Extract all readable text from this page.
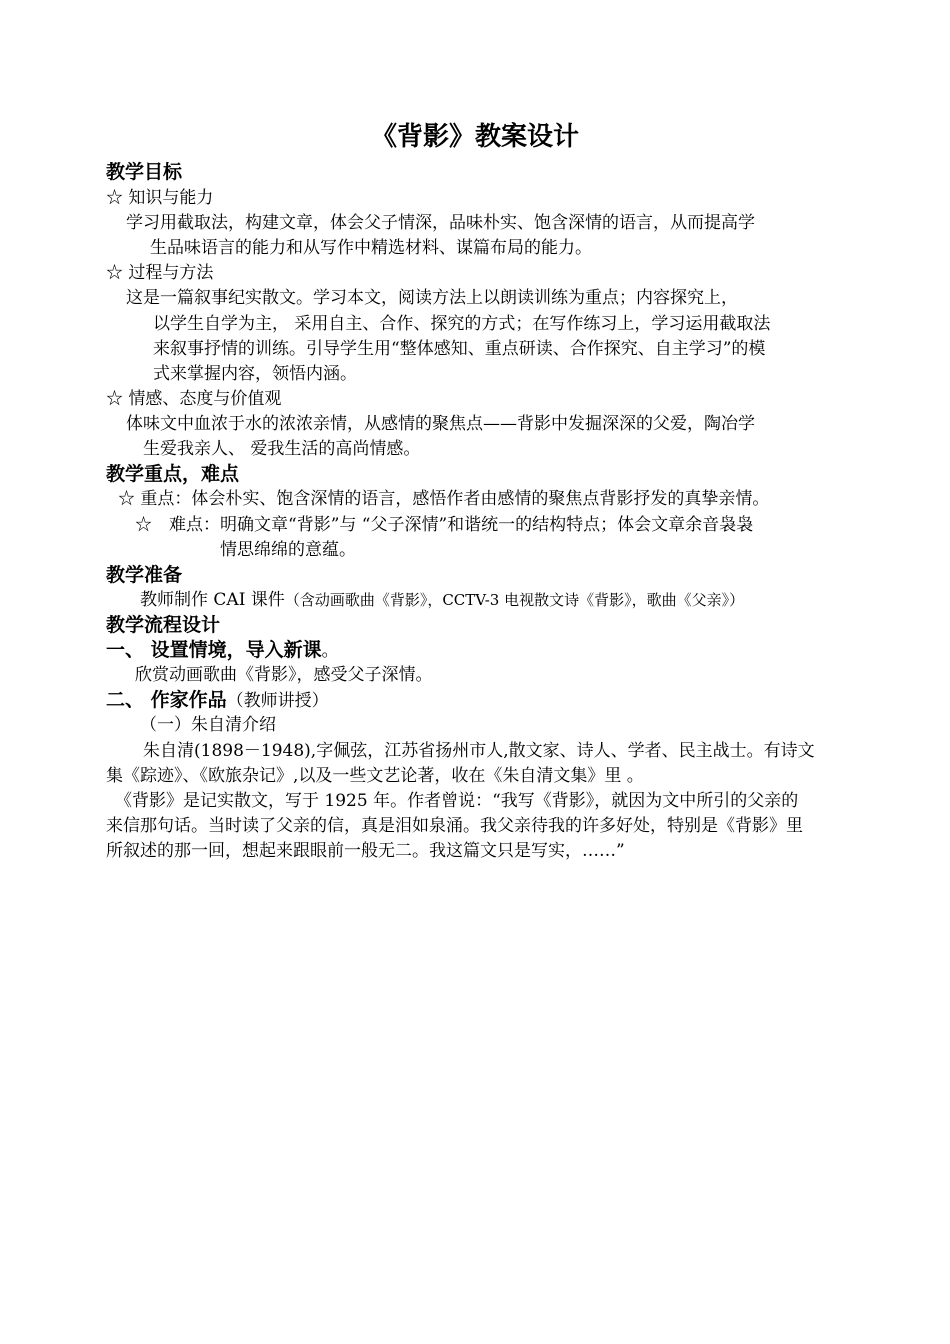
《背影》教案设计
教学目标
☆ 知识与能力
学习用截取法，构建文章，体会父子情深，品味朴实、饱含深情的语言，从而提高学
生品味语言的能力和从写作中精选材料、谋篇布局的能力。
☆ 过程与方法
这是一篇叙事纪实散文。学习本文，阅读方法上以朗读训练为重点；内容探究上，
以学生自学为主， 采用自主、合作、探究的方式；在写作练习上，学习运用截取法
来叙事抒情的训练。引导学生用“整体感知、重点研读、合作探究、自主学习”的模
式来掌握内容，领悟内涵。
☆ 情感、态度与价值观
体味文中血浓于水的浓浓亲情，从感情的聚焦点——背影中发掘深深的父爱，陶冶学
生爱我亲人、 爱我生活的高尚情感。
教学重点，难点
☆ 重点：体会朴实、饱含深情的语言，感悟作者由感情的聚焦点背影抒发的真挚亲情。
☆　难点：明确文章“背影”与 “父子深情”和谐统一的结构特点；体会文章余音袅袅
情思绵绵的意蕴。
教学准备
教师制作 CAI 课件（含动画歌曲《背影》，CCTV-3 电视散文诗《背影》，歌曲《父亲》）
教学流程设计
一、 设置情境，导入新课。
欣赏动画歌曲《背影》，感受父子深情。
二、 作家作品（教师讲授）
（一）朱自清介绍
朱自清(1898－1948),字佩弦，江苏省扬州市人,散文家、诗人、学者、民主战士。有诗文
集《踪迹》、《欧旅杂记》,以及一些文艺论著，收在《朱自清文集》里 。
《背影》是记实散文，写于 1925 年。作者曾说：“我写《背影》，就因为文中所引的父亲的
来信那句话。当时读了父亲的信，真是泪如泉涌。我父亲待我的许多好处，特别是《背影》里
所叙述的那一回，想起来跟眼前一般无二。我这篇文只是写实，……”
